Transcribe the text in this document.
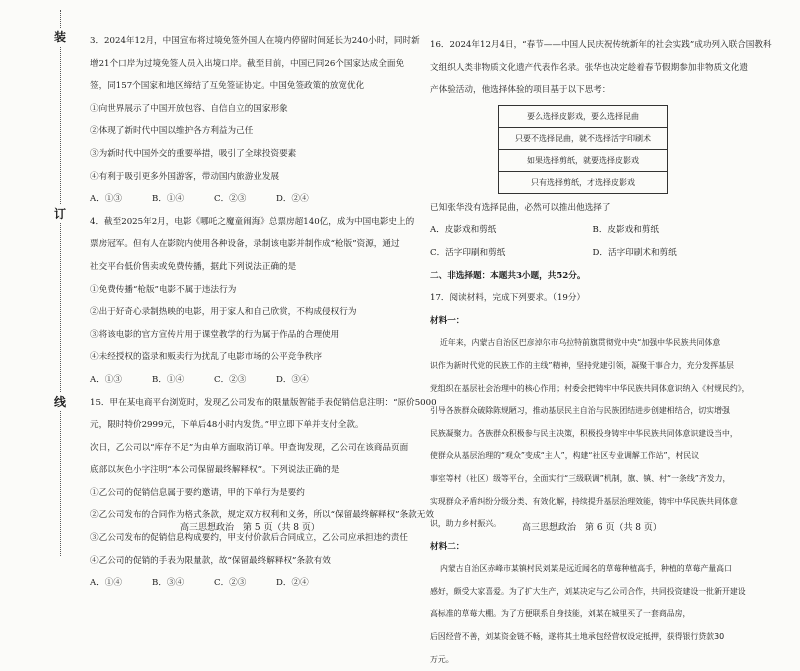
装
订
线

3．2024年12月，中国宣布将过境免签外国人在境内停留时间延长为240小时，同时新

增21个口岸为过境免签人员入出境口岸。截至目前，中国已同26个国家达成全面免

签，同157个国家和地区缔结了互免签证协定。中国免签政策的放宽优化

①向世界展示了中国开放包容、自信自立的国家形象

②体现了新时代中国以维护各方利益为己任

③为新时代中国外交的重要举措，吸引了全球投资要素

④有利于吸引更多外国游客，带动国内旅游业发展

A．①③	B．①④	C．②③	D．②④

4．截至2025年2月，电影《哪吒之魔童闹海》总票房超140亿，成为中国电影史上的

票房冠军。但有人在影院内使用各种设备，录制该电影并制作成“枪版”资源，通过

社交平台低价售卖或免费传播，据此下列说法正确的是

①免费传播“枪版”电影不属于违法行为

②出于好奇心录制热映的电影，用于家人和自己欣赏，不构成侵权行为

③将该电影的官方宣传片用于课堂教学的行为属于作品的合理使用

④未经授权的盗录和贩卖行为扰乱了电影市场的公平竞争秩序

A．①③	B．①④	C．②③	D．③④

15．甲在某电商平台浏览时，发现乙公司发布的限量版智能手表促销信息注明：“原价5000

元，限时特价2999元，下单后48小时内发货。”甲立即下单并支付全款。

次日，乙公司以“库存不足”为由单方面取消订单。甲查询发现，乙公司在该商品页面

底部以灰色小字注明“本公司保留最终解释权”。下列说法正确的是

①乙公司的促销信息属于要约邀请，甲的下单行为是要约

②乙公司发布的合同作为格式条款，规定双方权利和义务，所以“保留最终解释权”条款无效

③乙公司发布的促销信息构成要约，甲支付价款后合同成立，乙公司应承担违约责任

④乙公司的促销的手表为限量款，故“保留最终解释权”条款有效

A．①④	B．③④	C．②③	D．②④
高三思想政治　第 5 页（共 8 页）

16．2024年12月4日，“春节——中国人民庆祝传统新年的社会实践”成功列入联合国教科

文组织人类非物质文化遗产代表作名录。张华也决定趁着春节假期参加非物质文化遗

产体验活动，他选择体验的项目基于以下思考：

要么选择皮影戏，要么选择昆曲
只要不选择昆曲，就不选择活字印刷术
如果选择剪纸，就要选择皮影戏
只有选择剪纸，才选择皮影戏

已知张华没有选择昆曲，必然可以推出他选择了

A．皮影戏和剪纸	B．皮影戏和剪纸
C．活字印刷和剪纸	D．活字印刷术和剪纸

二、非选择题：本题共3小题，共52分。

17．阅读材料，完成下列要求。（19分）

材料一：

近年来，内蒙古自治区巴彦淖尔市乌拉特前旗贯彻党中央“加强中华民族共同体意

识作为新时代党的民族工作的主线”精神，坚持党建引领，凝聚干事合力，充分发挥基层

党组织在基层社会治理中的核心作用；村委会把铸牢中华民族共同体意识纳入《村规民约》，

引导各族群众破除陈规陋习，推动基层民主自治与民族团结进步创建相结合，切实增强

民族凝聚力。各族群众积极参与民主决策，积极投身铸牢中华民族共同体意识建设当中，

使群众从基层治理的“观众”变成“主人”，构建“社区专业调解工作站”，村民议

事室等村（社区）级等平台，全面实行“三级联调”机制，旗、镇、村“一条线”齐发力，

实现群众矛盾纠纷分级分类、有效化解，持续提升基层治理效能，铸牢中华民族共同体意

识，助力乡村振兴。

材料二：

内蒙古自治区赤峰市某镇村民刘某是远近闻名的草莓种植高手，种植的草莓产量高口

感好，颇受大家喜爱。为了扩大生产，刘某决定与乙公司合作，共同投资建设一批新开建设

高标准的草莓大棚。为了方便联系自身技能，刘某在城里买了一套商品房，

后因经营不善，刘某资金链不畅，遂将其土地承包经营权设定抵押，获得银行贷款30

万元。

高三思想政治　第 6 页（共 8 页）
